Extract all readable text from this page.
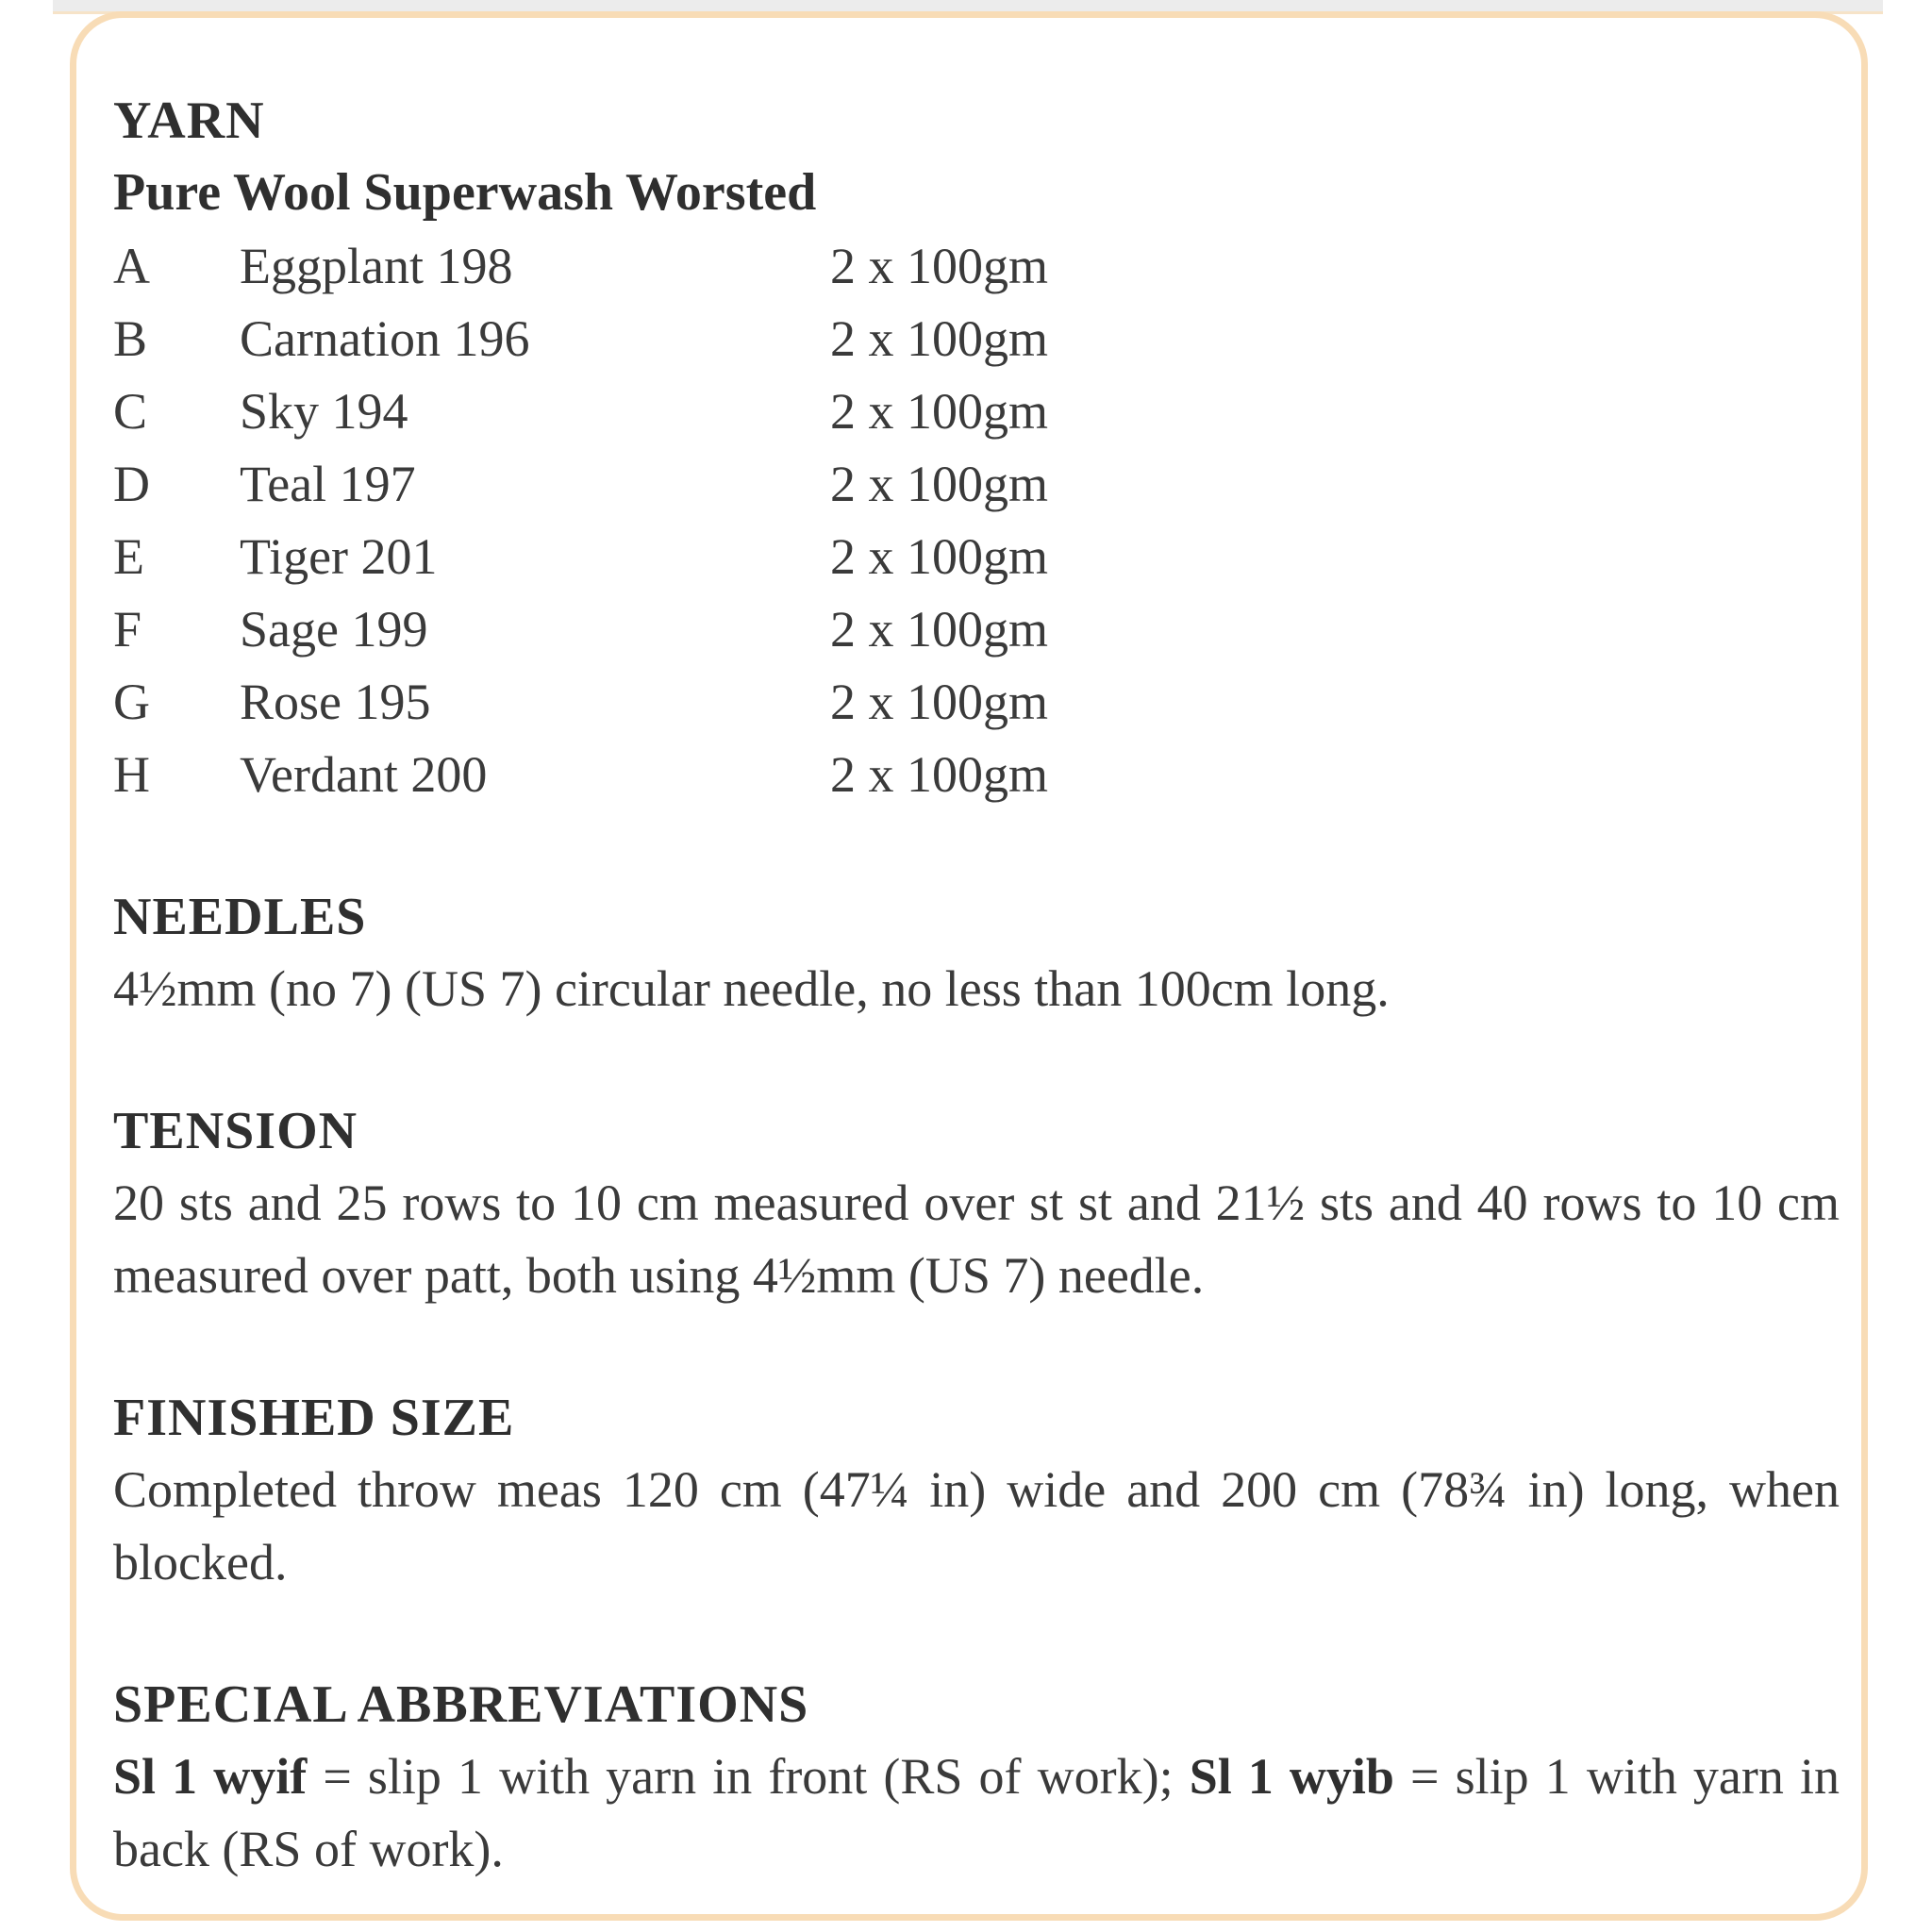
YARN
Pure Wool Superwash Worsted
A	Eggplant 198	2 x 100gm
B	Carnation 196	2 x 100gm
C	Sky 194	2 x 100gm
D	Teal 197	2 x 100gm
E	Tiger 201	2 x 100gm
F	Sage 199	2 x 100gm
G	Rose 195	2 x 100gm
H	Verdant 200	2 x 100gm
NEEDLES
4½mm (no 7) (US 7) circular needle, no less than 100cm long.
TENSION
20 sts and 25 rows to 10 cm measured over st st and 21½ sts and 40 rows to 10 cm measured over patt, both using 4½mm (US 7) needle.
FINISHED SIZE
Completed throw meas 120 cm (47¼ in) wide and 200 cm (78¾ in) long, when blocked.
SPECIAL ABBREVIATIONS
Sl 1 wyif = slip 1 with yarn in front (RS of work); Sl 1 wyib = slip 1 with yarn in back (RS of work).
